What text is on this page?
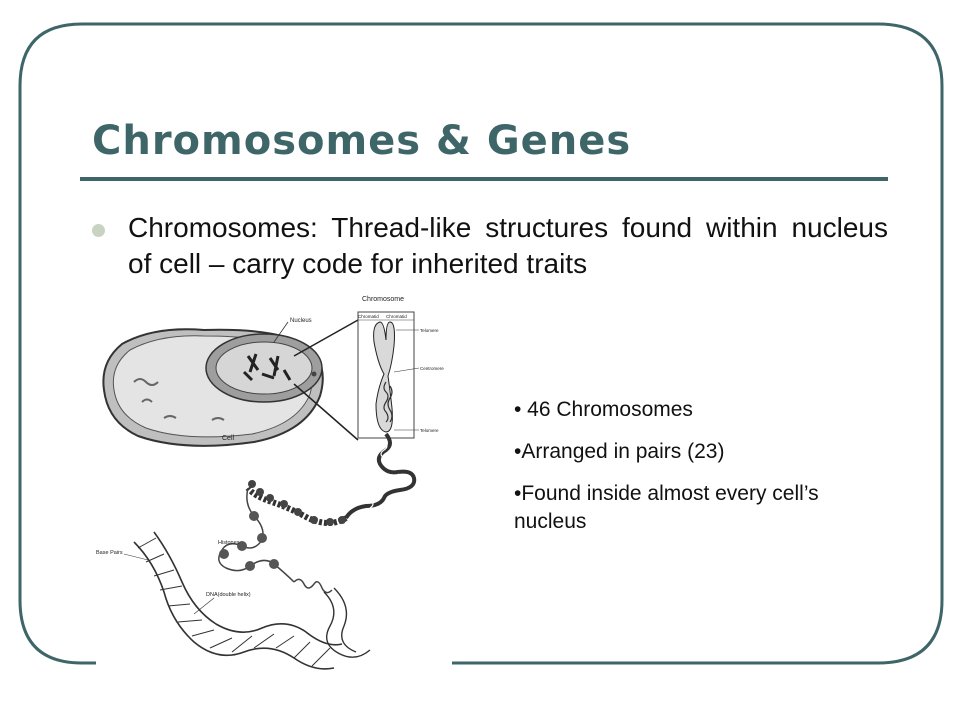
Chromosomes & Genes

Chromosomes: Thread-like structures found within nucleus of cell – carry code for inherited traits

Nucleus
Cell
Chromosome
Chromatid Chromatid
Telomere
Centromere
Telomere
Histones
Base Pairs
DNA(double helix)
• 46 Chromosomes
•Arranged in pairs (23)
•Found inside almost every cell’s nucleus
